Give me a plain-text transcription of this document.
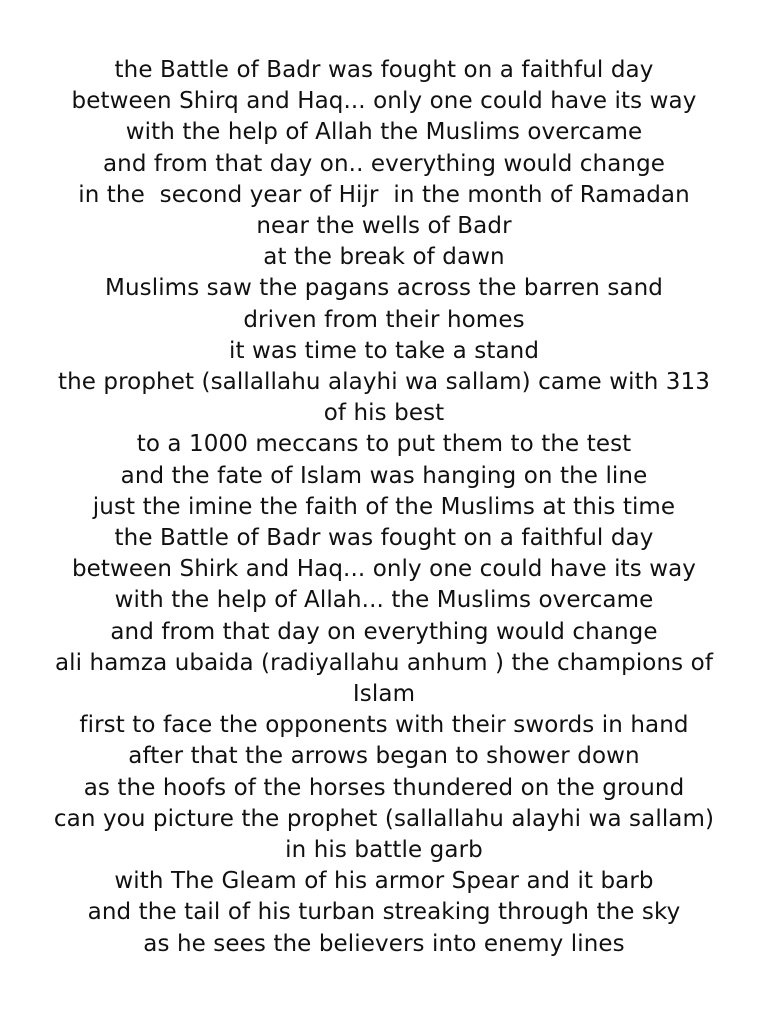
the Battle of Badr was fought on a faithful day
between Shirq and Haq... only one could have its way
with the help of Allah the Muslims overcame
and from that day on.. everything would change
in the  second year of Hijr  in the month of Ramadan
near the wells of Badr
at the break of dawn
Muslims saw the pagans across the barren sand
driven from their homes
it was time to take a stand
the prophet (sallallahu alayhi wa sallam) came with 313
of his best
to a 1000 meccans to put them to the test
and the fate of Islam was hanging on the line
just the imine the faith of the Muslims at this time
the Battle of Badr was fought on a faithful day
between Shirk and Haq... only one could have its way
with the help of Allah... the Muslims overcame
and from that day on everything would change
ali hamza ubaida (radiyallahu anhum ) the champions of
Islam
first to face the opponents with their swords in hand
after that the arrows began to shower down
as the hoofs of the horses thundered on the ground
can you picture the prophet (sallallahu alayhi wa sallam)
in his battle garb
with The Gleam of his armor Spear and it barb
and the tail of his turban streaking through the sky
as he sees the believers into enemy lines
